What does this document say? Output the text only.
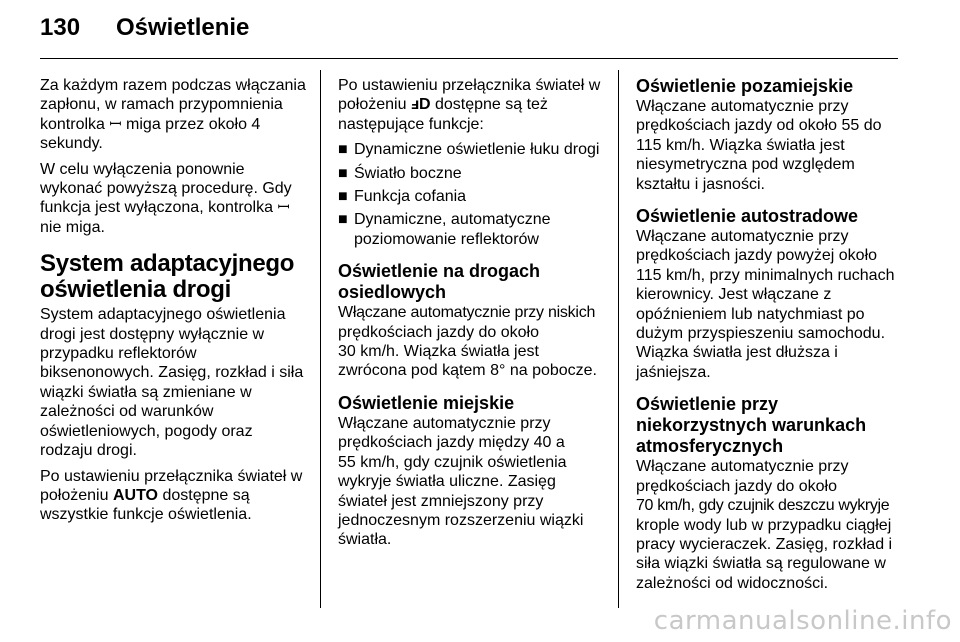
130 Oświetlenie

Za każdym razem podczas włączania
zapłonu, w ramach przypomnienia
kontrolka ꟷ miga przez około 4
sekundy.

W celu wyłączenia ponownie
wykonać powyższą procedurę. Gdy
funkcja jest wyłączona, kontrolka ꟷ
nie miga.

System adaptacyjnego
oświetlenia drogi

System adaptacyjnego oświetlenia
drogi jest dostępny wyłącznie w
przypadku reflektorów
biksenonowych. Zasięg, rozkład i siła
wiązki światła są zmieniane w
zależności od warunków
oświetleniowych, pogody oraz
rodzaju drogi.

Po ustawieniu przełącznika świateł w
położeniu AUTO dostępne są
wszystkie funkcje oświetlenia.

Po ustawieniu przełącznika świateł w
położeniu ⅎD dostępne są też
następujące funkcje:

■ Dynamiczne oświetlenie łuku drogi
■ Światło boczne
■ Funkcja cofania
■ Dynamiczne, automatyczne
poziomowanie reflektorów
Oświetlenie na drogach
osiedlowych

Włączane automatycznie przy niskich
prędkościach jazdy do około
30 km/h. Wiązka światła jest
zwrócona pod kątem 8° na pobocze.

Oświetlenie miejskie

Włączane automatycznie przy
prędkościach jazdy między 40 a
55 km/h, gdy czujnik oświetlenia
wykryje światła uliczne. Zasięg
świateł jest zmniejszony przy
jednoczesnym rozszerzeniu wiązki
światła.

Oświetlenie pozamiejskie

Włączane automatycznie przy
prędkościach jazdy od około 55 do
115 km/h. Wiązka światła jest
niesymetryczna pod względem
kształtu i jasności.

Oświetlenie autostradowe

Włączane automatycznie przy
prędkościach jazdy powyżej około
115 km/h, przy minimalnych ruchach
kierownicy. Jest włączane z
opóźnieniem lub natychmiast po
dużym przyspieszeniu samochodu.
Wiązka światła jest dłuższa i
jaśniejsza.

Oświetlenie przy
niekorzystnych warunkach
atmosferycznych

Włączane automatycznie przy
prędkościach jazdy do około
70 km/h, gdy czujnik deszczu wykryje
krople wody lub w przypadku ciągłej
pracy wycieraczek. Zasięg, rozkład i
siła wiązki światła są regulowane w
zależności od widoczności.

carmanualsonline.info
